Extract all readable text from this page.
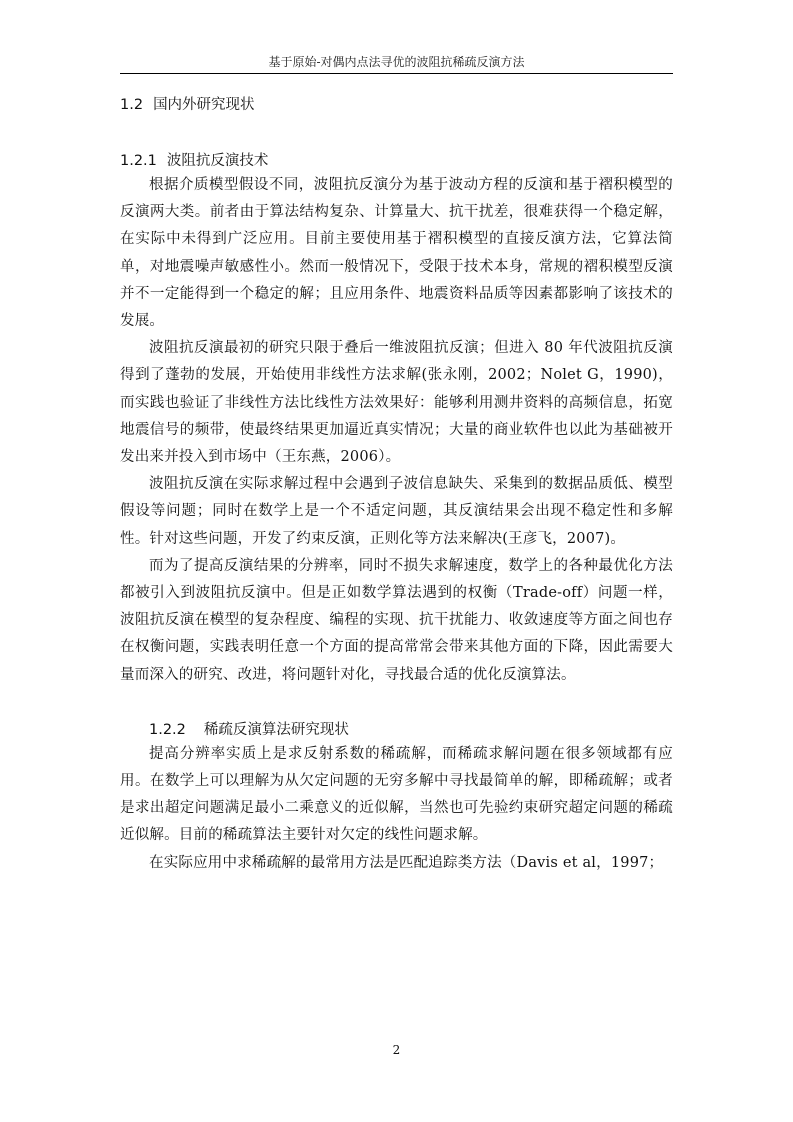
基于原始-对偶内点法寻优的波阻抗稀疏反演方法
1.2 国内外研究现状
1.2.1 波阻抗反演技术

根据介质模型假设不同，波阻抗反演分为基于波动方程的反演和基于褶积模型的反演两大类。前者由于算法结构复杂、计算量大、抗干扰差，很难获得一个稳定解，在实际中未得到广泛应用。目前主要使用基于褶积模型的直接反演方法，它算法简单，对地震噪声敏感性小。然而一般情况下，受限于技术本身，常规的褶积模型反演并不一定能得到一个稳定的解；且应用条件、地震资料品质等因素都影响了该技术的发展。

波阻抗反演最初的研究只限于叠后一维波阻抗反演；但进入 80 年代波阻抗反演得到了蓬勃的发展，开始使用非线性方法求解(张永刚，2002；Nolet G，1990)，而实践也验证了非线性方法比线性方法效果好：能够利用测井资料的高频信息，拓宽地震信号的频带，使最终结果更加逼近真实情况；大量的商业软件也以此为基础被开发出来并投入到市场中（王东燕，2006）。

波阻抗反演在实际求解过程中会遇到子波信息缺失、采集到的数据品质低、模型假设等问题；同时在数学上是一个不适定问题，其反演结果会出现不稳定性和多解性。针对这些问题，开发了约束反演，正则化等方法来解决(王彦飞，2007)。

而为了提高反演结果的分辨率，同时不损失求解速度，数学上的各种最优化方法都被引入到波阻抗反演中。但是正如数学算法遇到的权衡（Trade-off）问题一样，波阻抗反演在模型的复杂程度、编程的实现、抗干扰能力、收敛速度等方面之间也存在权衡问题，实践表明任意一个方面的提高常常会带来其他方面的下降，因此需要大量而深入的研究、改进，将问题针对化，寻找最合适的优化反演算法。

1.2.2 稀疏反演算法研究现状

提高分辨率实质上是求反射系数的稀疏解，而稀疏求解问题在很多领域都有应用。在数学上可以理解为从欠定问题的无穷多解中寻找最简单的解，即稀疏解；或者是求出超定问题满足最小二乘意义的近似解，当然也可先验约束研究超定问题的稀疏近似解。目前的稀疏算法主要针对欠定的线性问题求解。

在实际应用中求稀疏解的最常用方法是匹配追踪类方法（Davis et al，1997；

2
